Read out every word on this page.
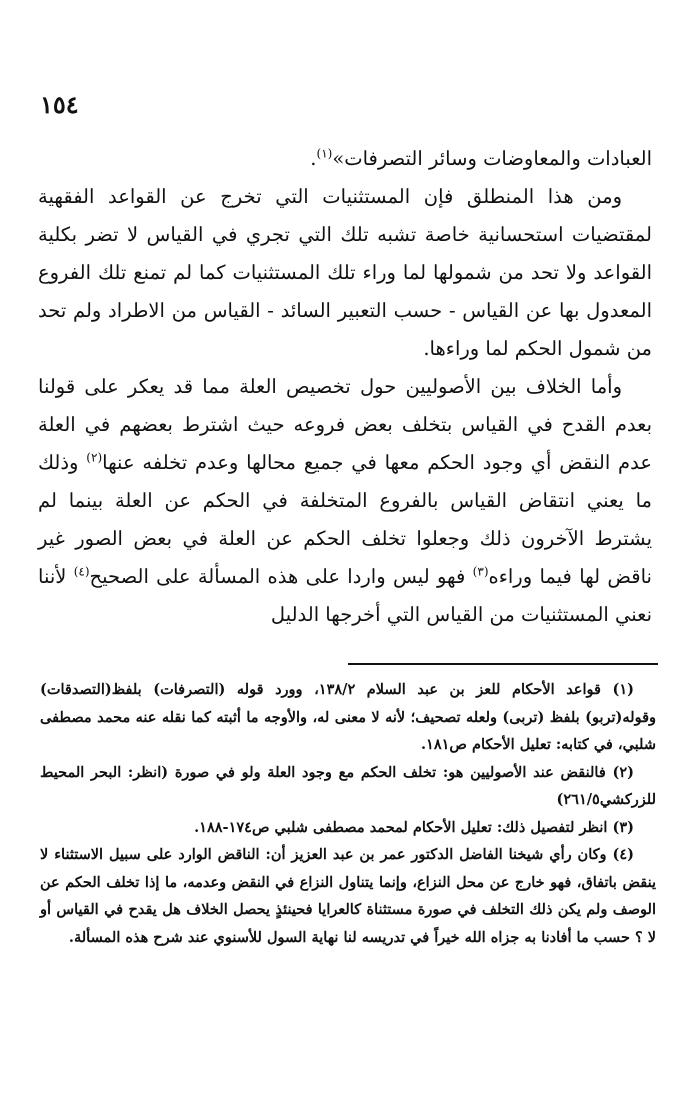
١٥٤

العبادات والمعاوضات وسائر التصرفات»$^{(١)}$.

ومن هذا المنطلق فإن المستثنيات التي تخرج عن القواعد الفقهية لمقتضيات استحسانية خاصة تشبه تلك التي تجري في القياس لا تضر بكلية القواعد ولا تحد من شمولها لما وراء تلك المستثنيات كما لم تمنع تلك الفروع المعدول بها عن القياس - حسب التعبير السائد - القياس من الاطراد ولم تحد من شمول الحكم لما وراءها.

وأما الخلاف بين الأصوليين حول تخصيص العلة مما قد يعكر على قولنا بعدم القدح في القياس بتخلف بعض فروعه حيث اشترط بعضهم في العلة عدم النقض أي وجود الحكم معها في جميع محالها وعدم تخلفه عنها$^{(٢)}$ وذلك ما يعني انتقاض القياس بالفروع المتخلفة في الحكم عن العلة بينما لم يشترط الآخرون ذلك وجعلوا تخلف الحكم عن العلة في بعض الصور غير ناقض لها فيما وراءه$^{(٣)}$ فهو ليس واردا على هذه المسألة على الصحيح$^{(٤)}$ لأننا نعني المستثنيات من القياس التي أخرجها الدليل

(١) قواعد الأحكام للعز بن عبد السلام ١٣٨/٢، وورد قوله (التصرفات) بلفظ(التصدقات) وقوله(تربو) بلفظ (تربى) ولعله تصحيف؛ لأنه لا معنى له، والأوجه ما أثبته كما نقله عنه محمد مصطفى شلبي، في كتابه: تعليل الأحكام ص١٨١.

(٢) فالنقض عند الأصوليين هو: تخلف الحكم مع وجود العلة ولو في صورة (انظر: البحر المحيط للزركشي٢٦١/٥)

(٣) انظر لتفصيل ذلك: تعليل الأحكام لمحمد مصطفى شلبي ص١٧٤-١٨٨.

(٤) وكان رأي شيخنا الفاضل الدكتور عمر بن عبد العزيز أن: الناقض الوارد على سبيل الاستثناء لا ينقض باتفاق، فهو خارج عن محل النزاع، وإنما يتناول النزاع في النقض وعدمه، ما إذا تخلف الحكم عن الوصف ولم يكن ذلك التخلف في صورة مستثناة كالعرايا فحينئذٍ يحصل الخلاف هل يقدح في القياس أو لا ؟ حسب ما أفادنا به جزاه الله خيراً في تدريسه لنا نهاية السول للأسنوي عند شرح هذه المسألة.
